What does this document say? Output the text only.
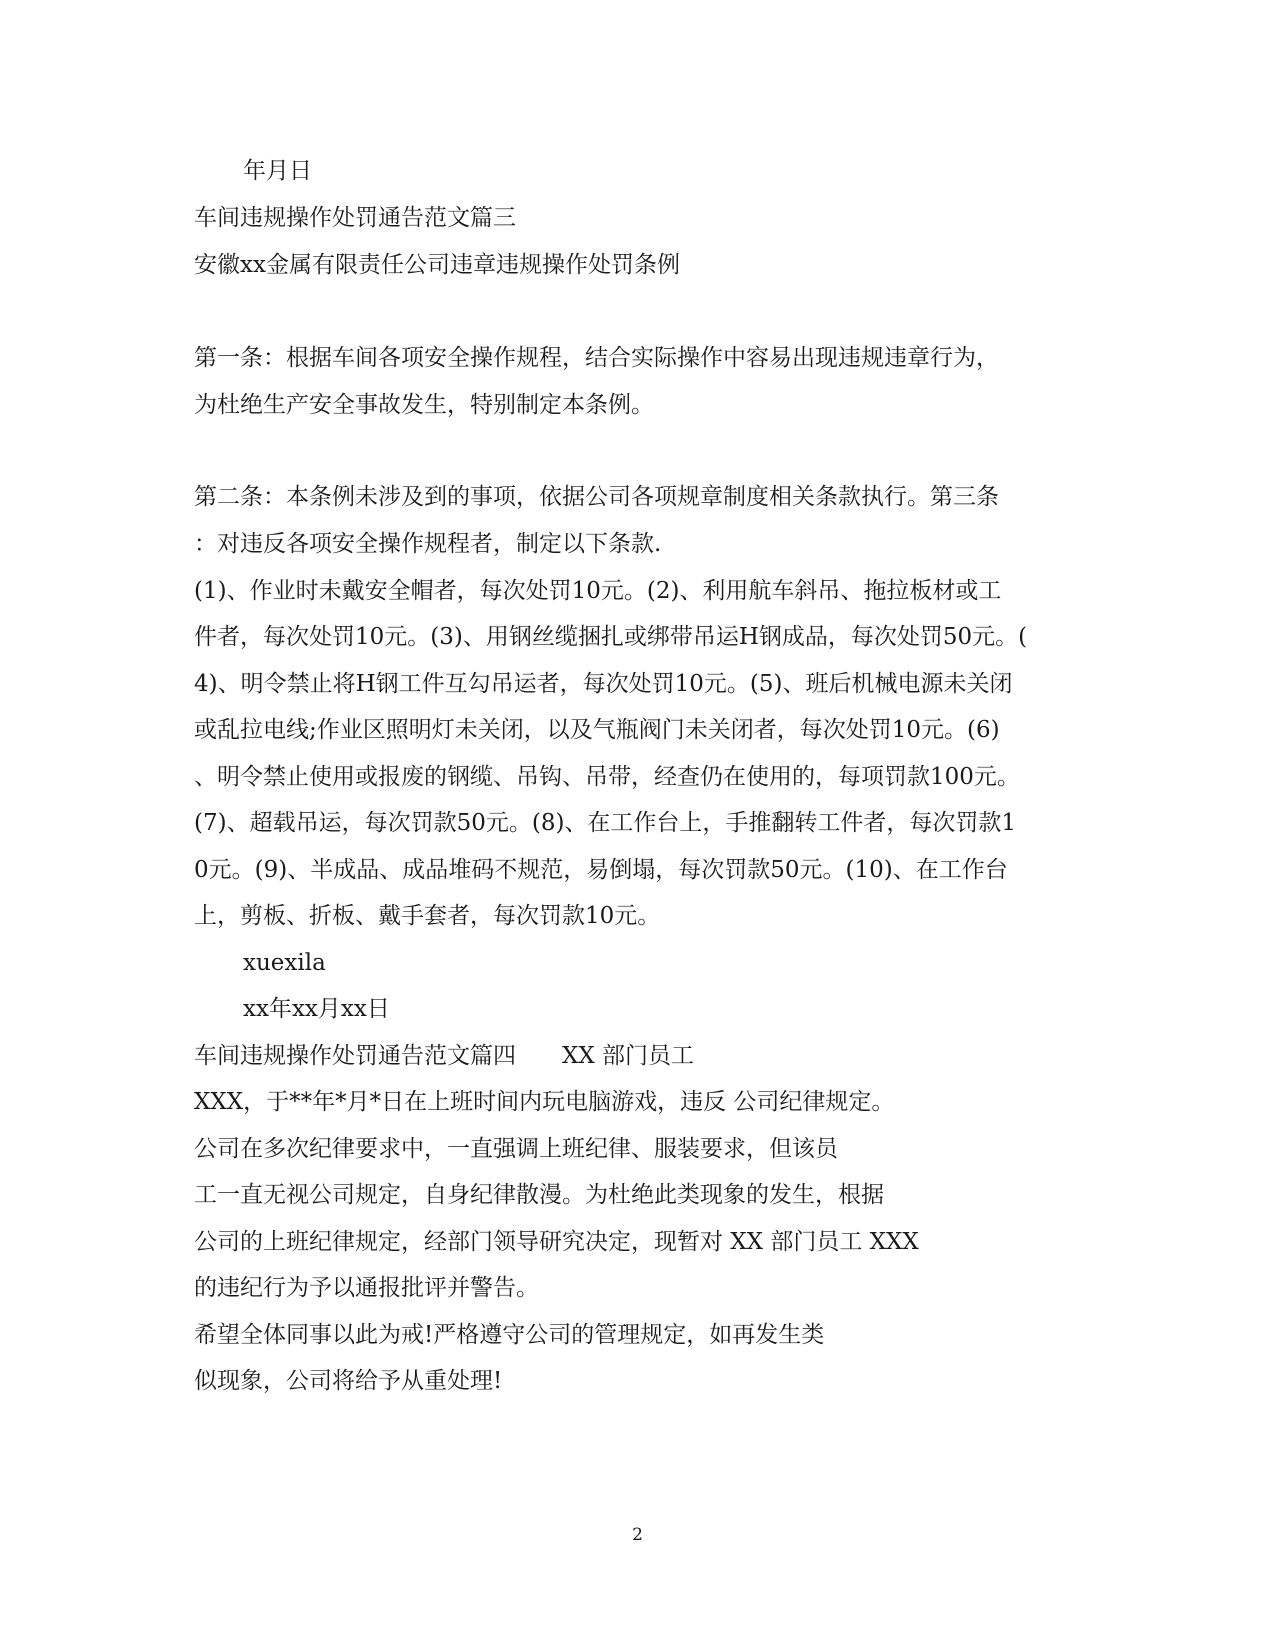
年月日
车间违规操作处罚通告范文篇三
安徽xx金属有限责任公司违章违规操作处罚条例
第一条：根据车间各项安全操作规程，结合实际操作中容易出现违规违章行为，
为杜绝生产安全事故发生，特别制定本条例。
第二条：本条例未涉及到的事项，依据公司各项规章制度相关条款执行。第三条
：对违反各项安全操作规程者，制定以下条款.
(1)、作业时未戴安全帽者，每次处罚10元。(2)、利用航车斜吊、拖拉板材或工
件者，每次处罚10元。(3)、用钢丝缆捆扎或绑带吊运H钢成品，每次处罚50元。(
4)、明令禁止将H钢工件互勾吊运者，每次处罚10元。(5)、班后机械电源未关闭
或乱拉电线;作业区照明灯未关闭，以及气瓶阀门未关闭者，每次处罚10元。(6)
、明令禁止使用或报废的钢缆、吊钩、吊带，经查仍在使用的，每项罚款100元。
(7)、超载吊运，每次罚款50元。(8)、在工作台上，手推翻转工件者，每次罚款1
0元。(9)、半成品、成品堆码不规范，易倒塌，每次罚款50元。(10)、在工作台
上，剪板、折板、戴手套者，每次罚款10元。
xuexila
xx年xx月xx日
车间违规操作处罚通告范文篇四　　XX 部门员工
XXX，于**年*月*日在上班时间内玩电脑游戏，违反 公司纪律规定。
公司在多次纪律要求中，一直强调上班纪律、服装要求，但该员
工一直无视公司规定，自身纪律散漫。为杜绝此类现象的发生，根据
公司的上班纪律规定，经部门领导研究决定，现暂对 XX 部门员工 XXX
的违纪行为予以通报批评并警告。
希望全体同事以此为戒!严格遵守公司的管理规定，如再发生类
似现象，公司将给予从重处理!
2
